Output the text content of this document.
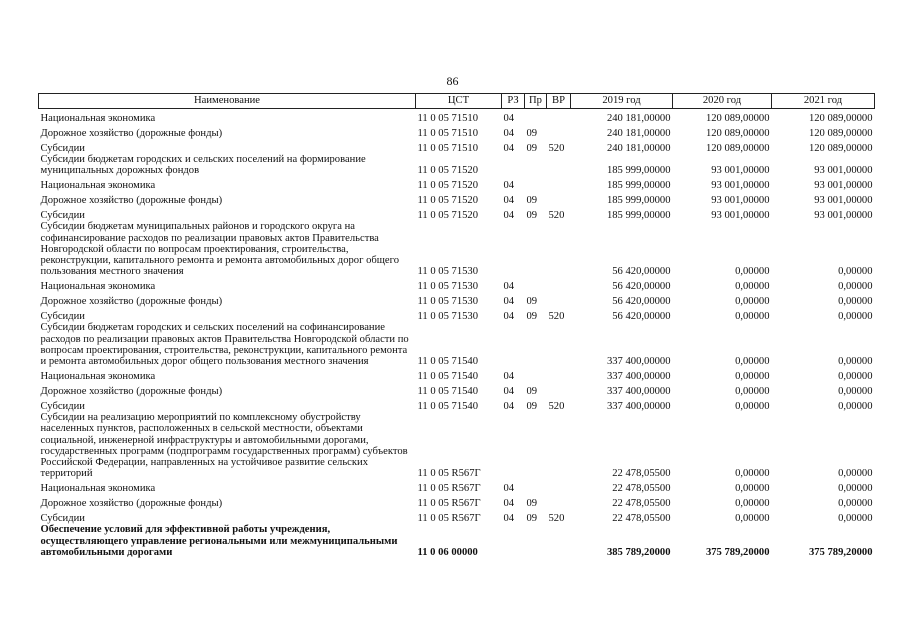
86
Наименование	ЦСТ	РЗ	Пр	ВР	2019 год	2020 год	2021 год
Национальная экономика	11 0 05 71510	04			240 181,00000	120 089,00000	120 089,00000
Дорожное хозяйство (дорожные фонды)	11 0 05 71510	04	09		240 181,00000	120 089,00000	120 089,00000
Субсидии	11 0 05 71510	04	09	520	240 181,00000	120 089,00000	120 089,00000
Субсидии бюджетам городских и сельских поселений на формирование муниципальных дорожных фондов	11 0 05 71520				185 999,00000	93 001,00000	93 001,00000
Национальная экономика	11 0 05 71520	04			185 999,00000	93 001,00000	93 001,00000
Дорожное хозяйство (дорожные фонды)	11 0 05 71520	04	09		185 999,00000	93 001,00000	93 001,00000
Субсидии	11 0 05 71520	04	09	520	185 999,00000	93 001,00000	93 001,00000
Субсидии бюджетам муниципальных районов и городского округа на софинансирование расходов по реализации правовых актов Правительства Новгородской области по вопросам проектирования, строительства, реконструкции, капитального ремонта и ремонта автомобильных дорог общего пользования местного значения	11 0 05 71530				56 420,00000	0,00000	0,00000
Национальная экономика	11 0 05 71530	04			56 420,00000	0,00000	0,00000
Дорожное хозяйство (дорожные фонды)	11 0 05 71530	04	09		56 420,00000	0,00000	0,00000
Субсидии	11 0 05 71530	04	09	520	56 420,00000	0,00000	0,00000
Субсидии бюджетам городских и сельских поселений на софинансирование расходов по реализации правовых актов Правительства Новгородской области по вопросам проектирования, строительства, реконструкции, капитального ремонта и ремонта автомобильных дорог общего пользования местного значения	11 0 05 71540				337 400,00000	0,00000	0,00000
Национальная экономика	11 0 05 71540	04			337 400,00000	0,00000	0,00000
Дорожное хозяйство (дорожные фонды)	11 0 05 71540	04	09		337 400,00000	0,00000	0,00000
Субсидии	11 0 05 71540	04	09	520	337 400,00000	0,00000	0,00000
Субсидии на реализацию мероприятий по комплексному обустройству населенных пунктов, расположенных в сельской местности, объектами социальной, инженерной инфраструктуры и автомобильными дорогами, государственных программ (подпрограмм государственных программ) субъектов Российской Федерации, направленных на устойчивое развитие сельских территорий	11 0 05 R567Г				22 478,05500	0,00000	0,00000
Национальная экономика	11 0 05 R567Г	04			22 478,05500	0,00000	0,00000
Дорожное хозяйство (дорожные фонды)	11 0 05 R567Г	04	09		22 478,05500	0,00000	0,00000
Субсидии	11 0 05 R567Г	04	09	520	22 478,05500	0,00000	0,00000
Обеспечение условий для эффективной работы учреждения, осуществляющего управление региональными или межмуниципальными автомобильными дорогами	11 0 06 00000				385 789,20000	375 789,20000	375 789,20000
